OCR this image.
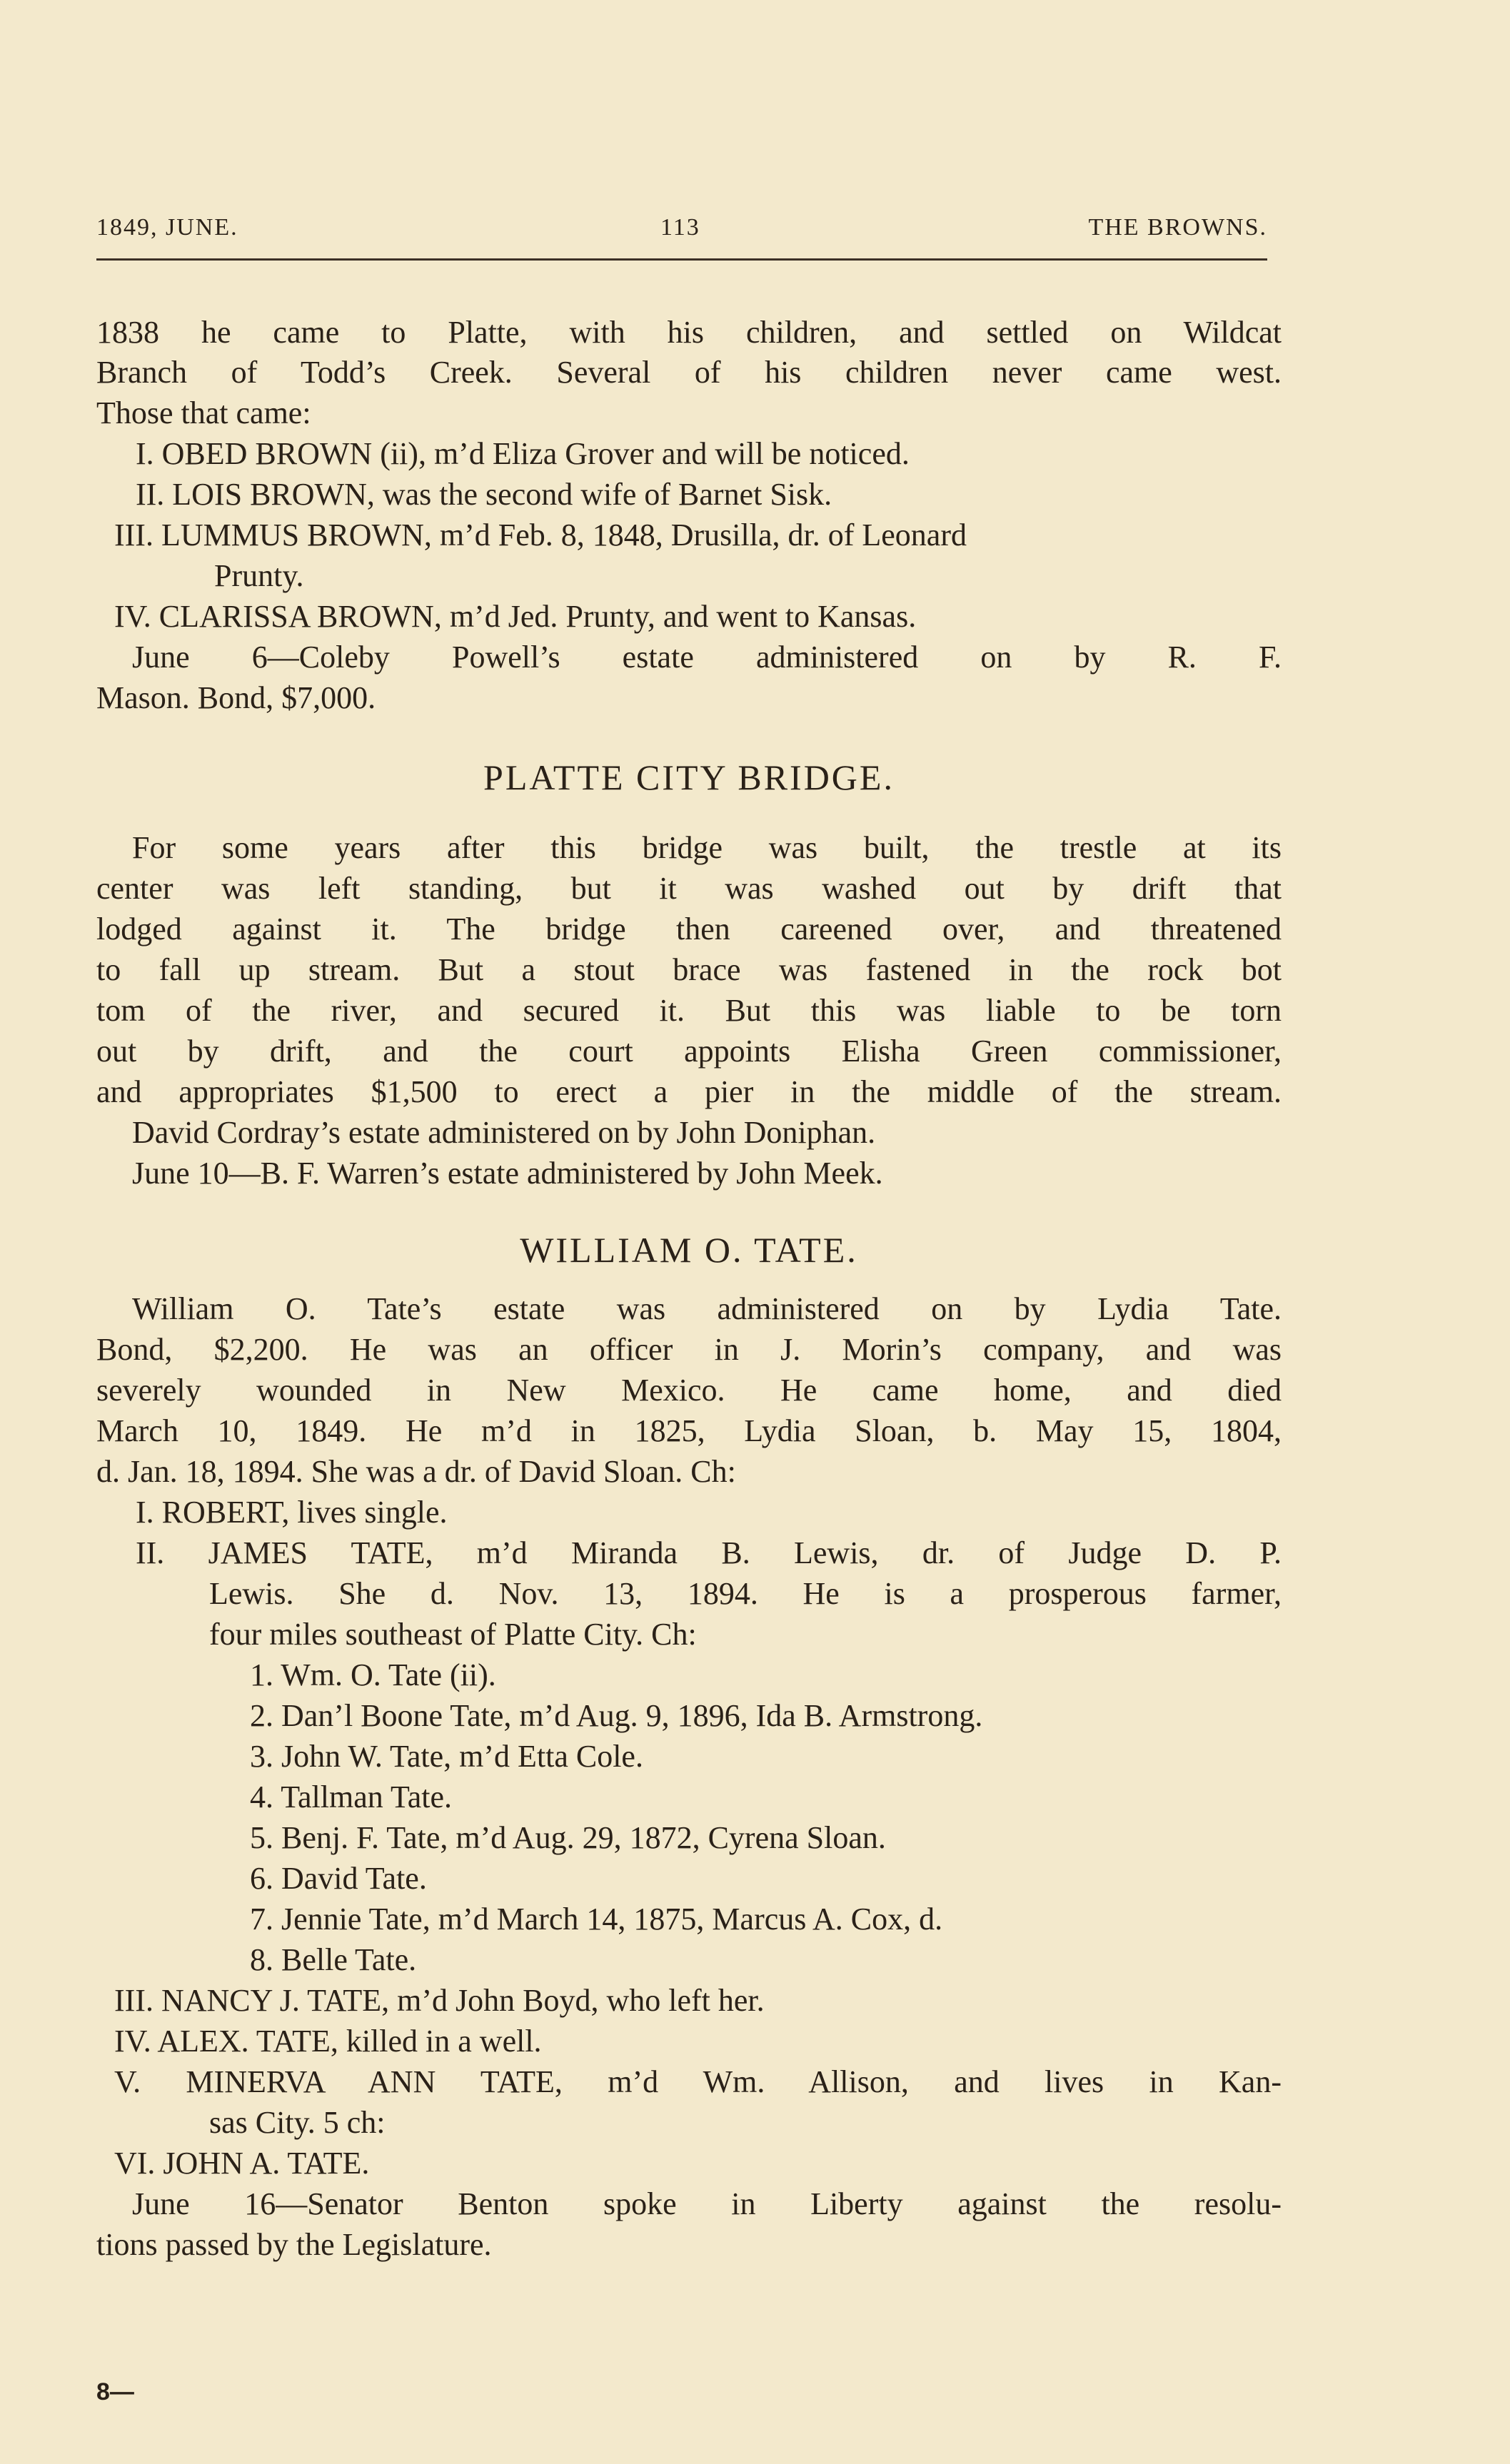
1849, JUNE.	113	THE BROWNS.
1838 he came to Platte, with his children, and settled on Wildcat
Branch of Todd’s Creek. Several of his children never came west.
Those that came:
I. OBED BROWN (ii), m’d Eliza Grover and will be noticed.
II. LOIS BROWN, was the second wife of Barnet Sisk.
III. LUMMUS BROWN, m’d Feb. 8, 1848, Drusilla, dr. of Leonard
Prunty.
IV. CLARISSA BROWN, m’d Jed. Prunty, and went to Kansas.
June 6—Coleby Powell’s estate administered on by R. F.
Mason. Bond, $7,000.
PLATTE CITY BRIDGE.
For some years after this bridge was built, the trestle at its
center was left standing, but it was washed out by drift that
lodged against it. The bridge then careened over, and threatened
to fall up stream. But a stout brace was fastened in the rock bot
tom of the river, and secured it. But this was liable to be torn
out by drift, and the court appoints Elisha Green commissioner,
and appropriates $1,500 to erect a pier in the middle of the stream.
David Cordray’s estate administered on by John Doniphan.
June 10—B. F. Warren’s estate administered by John Meek.
WILLIAM O. TATE.
William O. Tate’s estate was administered on by Lydia Tate.
Bond, $2,200. He was an officer in J. Morin’s company, and was
severely wounded in New Mexico. He came home, and died
March 10, 1849. He m’d in 1825, Lydia Sloan, b. May 15, 1804,
d. Jan. 18, 1894. She was a dr. of David Sloan. Ch:
I. ROBERT, lives single.
II. JAMES TATE, m’d Miranda B. Lewis, dr. of Judge D. P.
Lewis. She d. Nov. 13, 1894. He is a prosperous farmer,
four miles southeast of Platte City. Ch:
1. Wm. O. Tate (ii).
2. Dan’l Boone Tate, m’d Aug. 9, 1896, Ida B. Armstrong.
3. John W. Tate, m’d Etta Cole.
4. Tallman Tate.
5. Benj. F. Tate, m’d Aug. 29, 1872, Cyrena Sloan.
6. David Tate.
7. Jennie Tate, m’d March 14, 1875, Marcus A. Cox, d.
8. Belle Tate.
III. NANCY J. TATE, m’d John Boyd, who left her.
IV. ALEX. TATE, killed in a well.
V. MINERVA ANN TATE, m’d Wm. Allison, and lives in Kan-
sas City. 5 ch:
VI. JOHN A. TATE.
June 16—Senator Benton spoke in Liberty against the resolu-
tions passed by the Legislature.
8—
